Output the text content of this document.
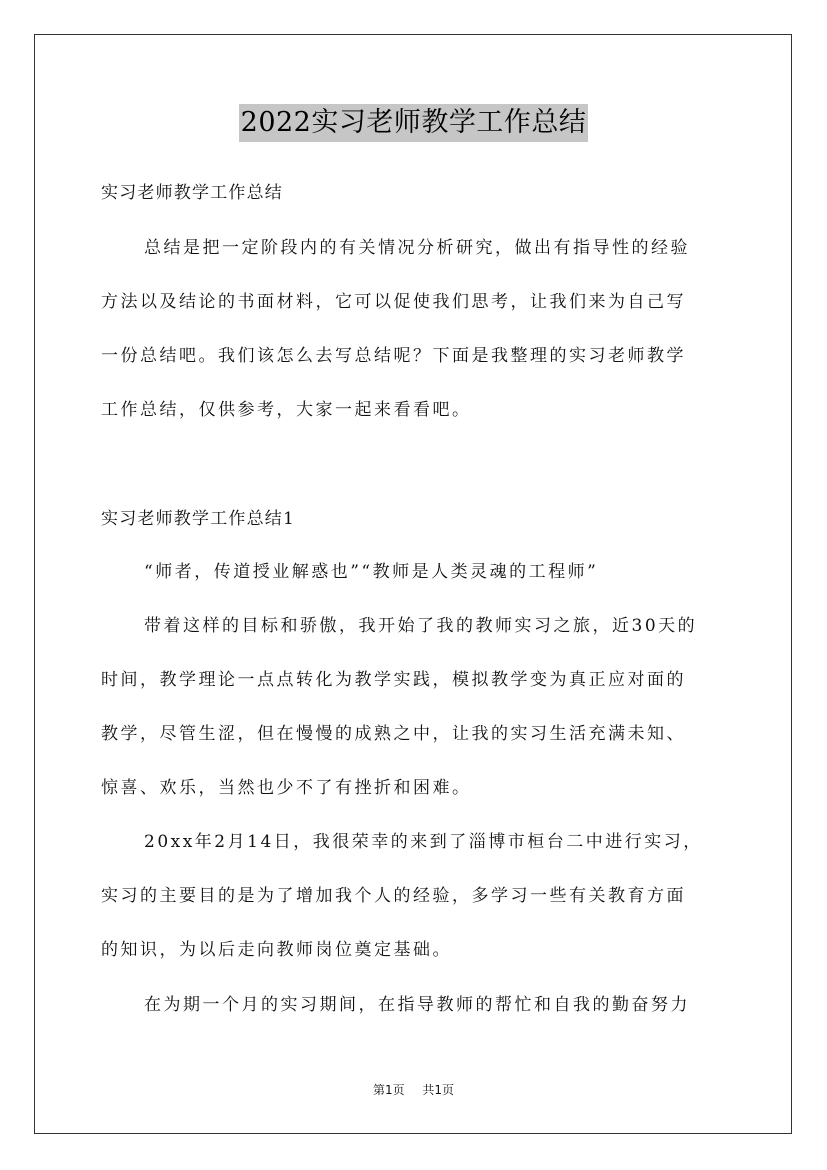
2022实习老师教学工作总结
实习老师教学工作总结
总结是把一定阶段内的有关情况分析研究，做出有指导性的经验
方法以及结论的书面材料，它可以促使我们思考，让我们来为自己写
一份总结吧。我们该怎么去写总结呢？下面是我整理的实习老师教学
工作总结，仅供参考，大家一起来看看吧。
实习老师教学工作总结1
“师者，传道授业解惑也”“教师是人类灵魂的工程师”
带着这样的目标和骄傲，我开始了我的教师实习之旅，近30天的
时间，教学理论一点点转化为教学实践，模拟教学变为真正应对面的
教学，尽管生涩，但在慢慢的成熟之中，让我的实习生活充满未知、
惊喜、欢乐，当然也少不了有挫折和困难。
20xx年2月14日，我很荣幸的来到了淄博市桓台二中进行实习，
实习的主要目的是为了增加我个人的经验，多学习一些有关教育方面
的知识，为以后走向教师岗位奠定基础。
在为期一个月的实习期间，在指导教师的帮忙和自我的勤奋努力
第1页 共1页
